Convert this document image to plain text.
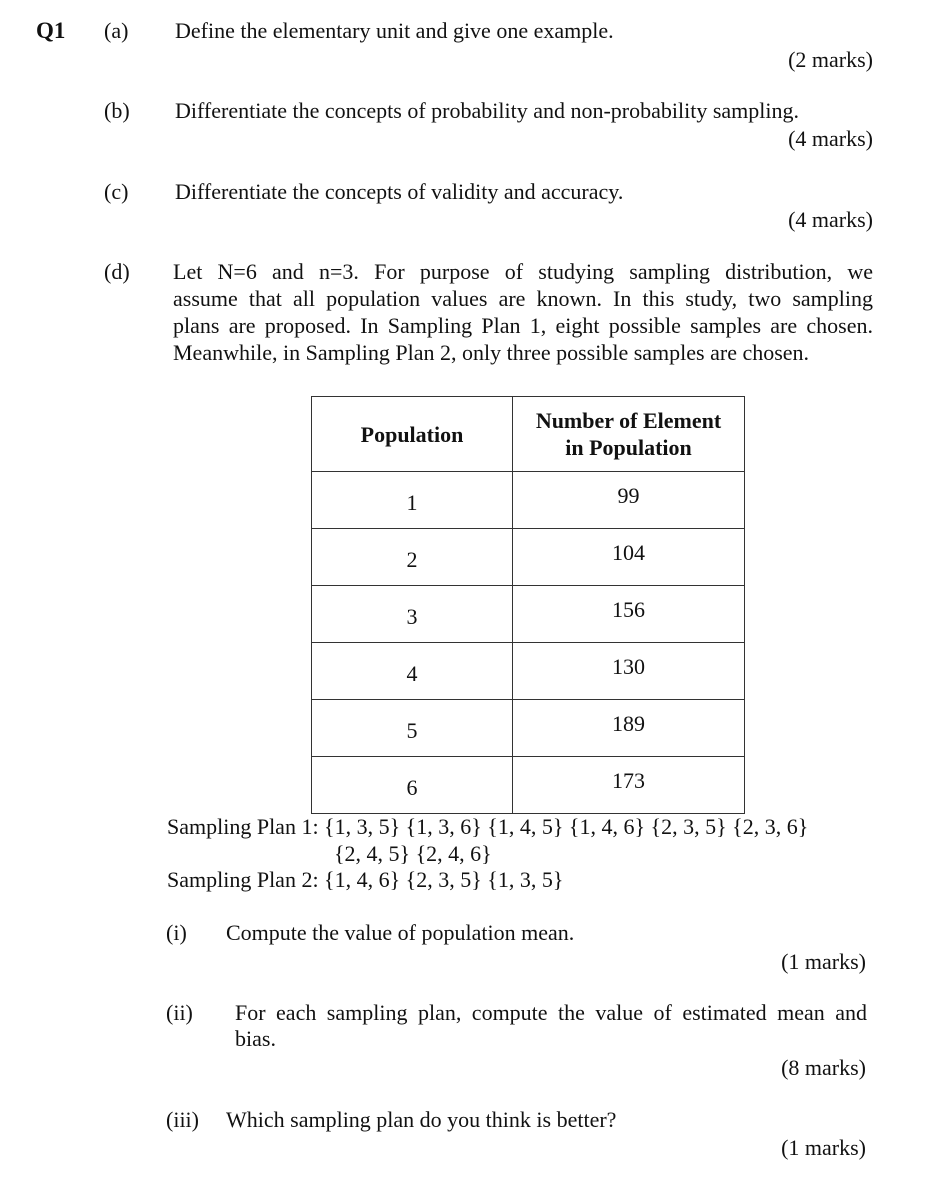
Q1 (a) Define the elementary unit and give one example.
(2 marks)
(b) Differentiate the concepts of probability and non-probability sampling.
(4 marks)
(c) Differentiate the concepts of validity and accuracy.
(4 marks)
(d) Let N=6 and n=3. For purpose of studying sampling distribution, we
assume that all population values are known. In this study, two sampling
plans are proposed. In Sampling Plan 1, eight possible samples are chosen.
Meanwhile, in Sampling Plan 2, only three possible samples are chosen.
Population	Number of Element
in Population

1	99
2	104
3	156
4	130
5	189
6	173
Sampling Plan 1: {1, 3, 5} {1, 3, 6} {1, 4, 5} {1, 4, 6} {2, 3, 5} {2, 3, 6}
{2, 4, 5} {2, 4, 6}
Sampling Plan 2: {1, 4, 6} {2, 3, 5} {1, 3, 5}
(i) Compute the value of population mean.
(1 marks)
(ii) For each sampling plan, compute the value of estimated mean and
bias.
(8 marks)
(iii) Which sampling plan do you think is better?
(1 marks)
